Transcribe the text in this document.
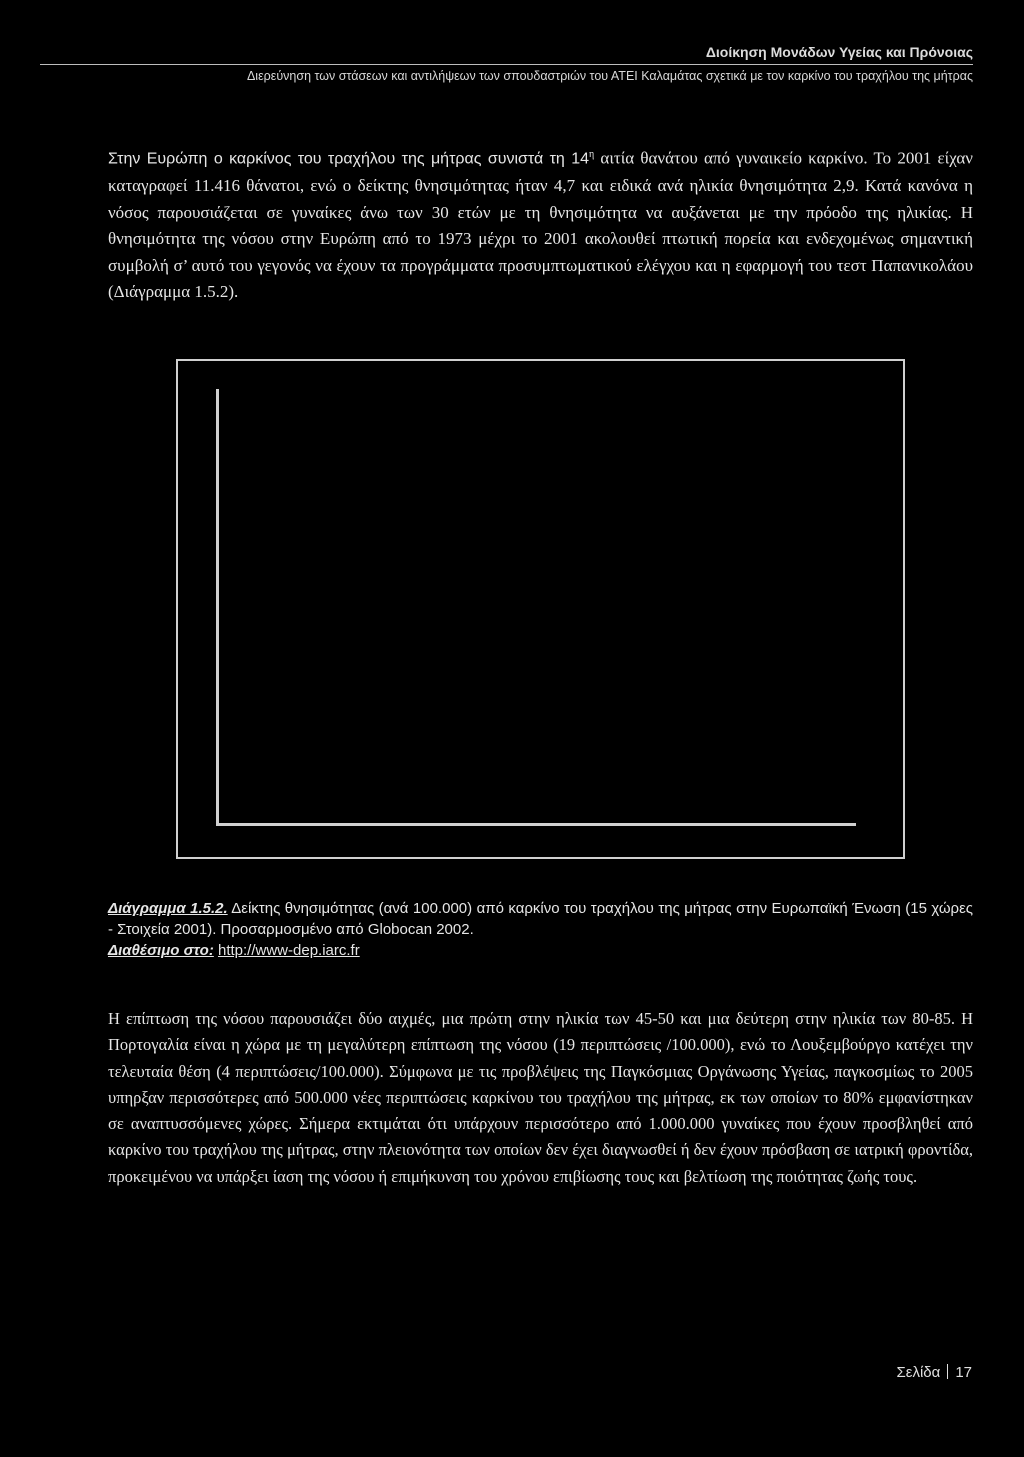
Διοίκηση Μονάδων Υγείας και Πρόνοιας
Διερεύνηση των στάσεων και αντιλήψεων των σπουδαστριών του ΑΤΕΙ Καλαμάτας σχετικά με τον καρκίνο του τραχήλου της μήτρας

Στην Ευρώπη ο καρκίνος του τραχήλου της μήτρας συνιστά τη $14^\eta$ αιτία θανάτου από γυναικείο καρκίνο. Το 2001 είχαν καταγραφεί 11.416 θάνατοι, ενώ ο δείκτης θνησιμότητας ήταν 4,7 και ειδικά ανά ηλικία θνησιμότητα 2,9. Κατά κανόνα η νόσος παρουσιάζεται σε γυναίκες άνω των 30 ετών με τη θνησιμότητα να αυξάνεται με την πρόοδο της ηλικίας. Η θνησιμότητα της νόσου στην Ευρώπη από το 1973 μέχρι το 2001 ακολουθεί πτωτική πορεία και ενδεχομένως σημαντική συμβολή σ’ αυτό του γεγονός να έχουν τα προγράμματα προσυμπτωματικού ελέγχου και η εφαρμογή του τεστ Παπανικολάου (Διάγραμμα 1.5.2).

Διάγραμμα 1.5.2. Δείκτης θνησιμότητας (ανά 100.000) από καρκίνο του τραχήλου της μήτρας στην Ευρωπαϊκή Ένωση (15 χώρες - Στοιχεία 2001). Προσαρμοσμένο από Globocan 2002.
Διαθέσιμο στο: http://www-dep.iarc.fr

Η επίπτωση της νόσου παρουσιάζει δύο αιχμές, μια πρώτη στην ηλικία των 45-50 και μια δεύτερη στην ηλικία των 80-85. Η Πορτογαλία είναι η χώρα με τη μεγαλύτερη επίπτωση της νόσου (19 περιπτώσεις /100.000), ενώ το Λουξεμβούργο κατέχει την τελευταία θέση (4 περιπτώσεις/100.000). Σύμφωνα με τις προβλέψεις της Παγκόσμιας Οργάνωσης Υγείας, παγκοσμίως το 2005 υπηρξαν περισσότερες από 500.000 νέες περιπτώσεις καρκίνου του τραχήλου της μήτρας, εκ των οποίων το 80% εμφανίστηκαν σε αναπτυσσόμενες χώρες. Σήμερα εκτιμάται ότι υπάρχουν περισσότερο από 1.000.000 γυναίκες που έχουν προσβληθεί από καρκίνο του τραχήλου της μήτρας, στην πλειονότητα των οποίων δεν έχει διαγνωσθεί ή δεν έχουν πρόσβαση σε ιατρική φροντίδα, προκειμένου να υπάρξει ίαση της νόσου ή επιμήκυνση του χρόνου επιβίωσης τους και βελτίωση της ποιότητας ζωής τους.

Σελίδα 17
